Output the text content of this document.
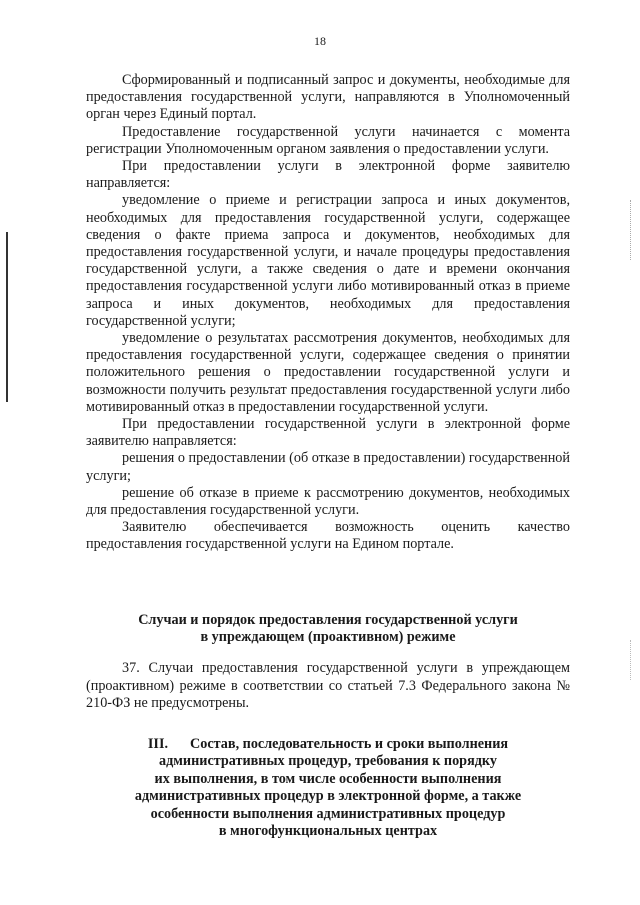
18

Сформированный и подписанный запрос и документы, необходимые для предоставления государственной услуги, направляются в Уполномоченный орган через Единый портал.

Предоставление государственной услуги начинается с момента регистрации Уполномоченным органом заявления о предоставлении услуги.

При предоставлении услуги в электронной форме заявителю направляется:

уведомление о приеме и регистрации запроса и иных документов, необходимых для предоставления государственной услуги, содержащее сведения о факте приема запроса и документов, необходимых для предоставления государственной услуги, и начале процедуры предоставления государственной услуги, а также сведения о дате и времени окончания предоставления государственной услуги либо мотивированный отказ в приеме запроса и иных документов, необходимых для предоставления государственной услуги;

уведомление о результатах рассмотрения документов, необходимых для предоставления государственной услуги, содержащее сведения о принятии положительного решения о предоставлении государственной услуги и возможности получить результат предоставления государственной услуги либо мотивированный отказ в предоставлении государственной услуги.

При предоставлении государственной услуги в электронной форме заявителю направляется:

решения о предоставлении (об отказе в предоставлении) государственной услуги;

решение об отказе в приеме к рассмотрению документов, необходимых для предоставления государственной услуги.

Заявителю обеспечивается возможность оценить качество предоставления государственной услуги на Едином портале.

Случаи и порядок предоставления государственной услуги
в упреждающем (проактивном) режиме
37. Случаи предоставления государственной услуги в упреждающем (проактивном) режиме в соответствии со статьей 7.3 Федерального закона № 210-ФЗ не предусмотрены.
III. Состав, последовательность и сроки выполнения
административных процедур, требования к порядку
их выполнения, в том числе особенности выполнения
административных процедур в электронной форме, а также
особенности выполнения административных процедур
в многофункциональных центрах
